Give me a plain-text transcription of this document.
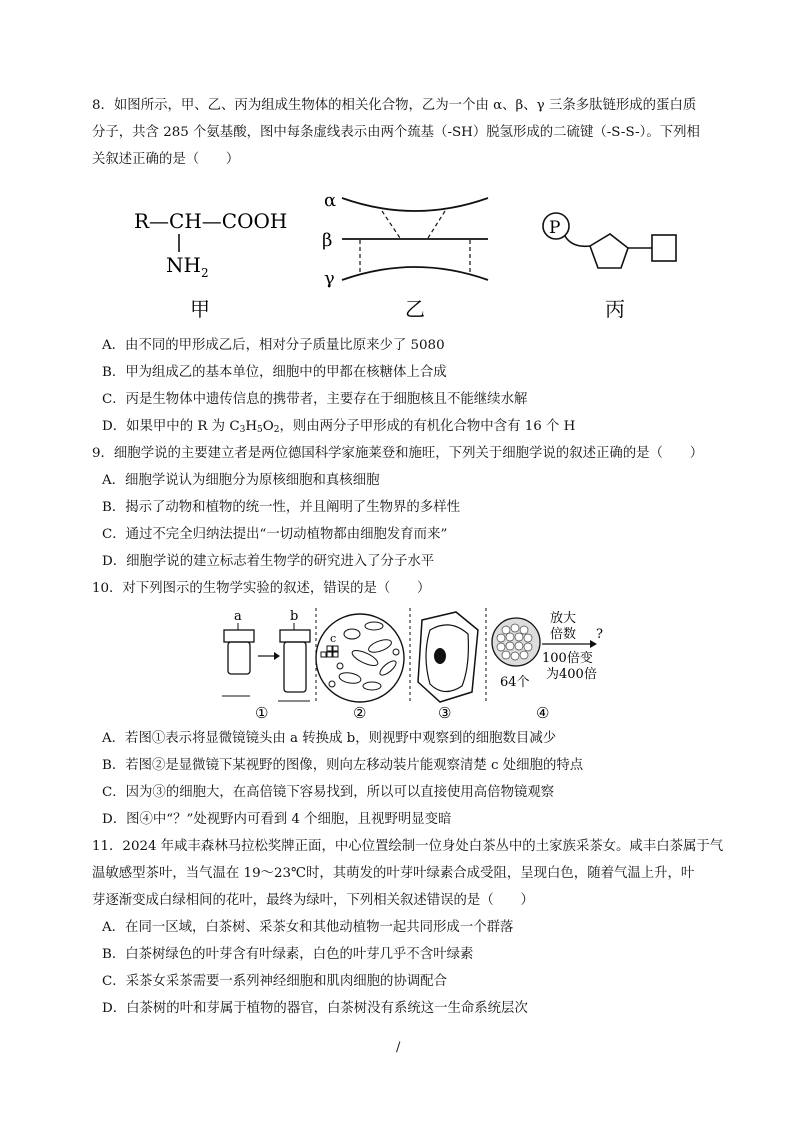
8．如图所示，甲、乙、丙为组成生物体的相关化合物，乙为一个由 α、β、γ 三条多肽链形成的蛋白质
分子，共含 285 个氨基酸，图中每条虚线表示由两个巯基（-SH）脱氢形成的二硫键（-S-S-）。下列相
关叙述正确的是（　　）
R—CH—COOH
$NH_2$
甲
α
β
γ
乙
P
丙
A．由不同的甲形成乙后，相对分子质量比原来少了 5080
B．甲为组成乙的基本单位，细胞中的甲都在核糖体上合成
C．丙是生物体中遗传信息的携带者，主要存在于细胞核且不能继续水解
D．如果甲中的 R 为 $C_3H_5O_2$，则由两分子甲形成的有机化合物中含有 16 个 H
9．细胞学说的主要建立者是两位德国科学家施莱登和施旺，下列关于细胞学说的叙述正确的是（　　）
A．细胞学说认为细胞分为原核细胞和真核细胞
B．揭示了动物和植物的统一性，并且阐明了生物界的多样性
C．通过不完全归纳法提出“一切动植物都由细胞发育而来”
D．细胞学说的建立标志着生物学的研究进入了分子水平
10．对下列图示的生物学实验的叙述，错误的是（　　）
a	b
①
c
②	③
64个
放大
倍数 ?
100倍变
为400倍
④
A．若图①表示将显微镜镜头由 a 转换成 b，则视野中观察到的细胞数目减少
B．若图②是显微镜下某视野的图像，则向左移动装片能观察清楚 c 处细胞的特点
C．因为③的细胞大，在高倍镜下容易找到，所以可以直接使用高倍物镜观察
D．图④中“？”处视野内可看到 4 个细胞，且视野明显变暗
11．2024 年咸丰森林马拉松奖牌正面，中心位置绘制一位身处白茶丛中的土家族采茶女。咸丰白茶属于气
温敏感型茶叶，当气温在 19～23℃时，其萌发的叶芽叶绿素合成受阻，呈现白色，随着气温上升，叶
芽逐渐变成白绿相间的花叶，最终为绿叶，下列相关叙述错误的是（　　）
A．在同一区域，白茶树、采茶女和其他动植物一起共同形成一个群落
B．白茶树绿色的叶芽含有叶绿素，白色的叶芽几乎不含叶绿素
C．采茶女采茶需要一系列神经细胞和肌肉细胞的协调配合
D．白茶树的叶和芽属于植物的器官，白茶树没有系统这一生命系统层次
/
